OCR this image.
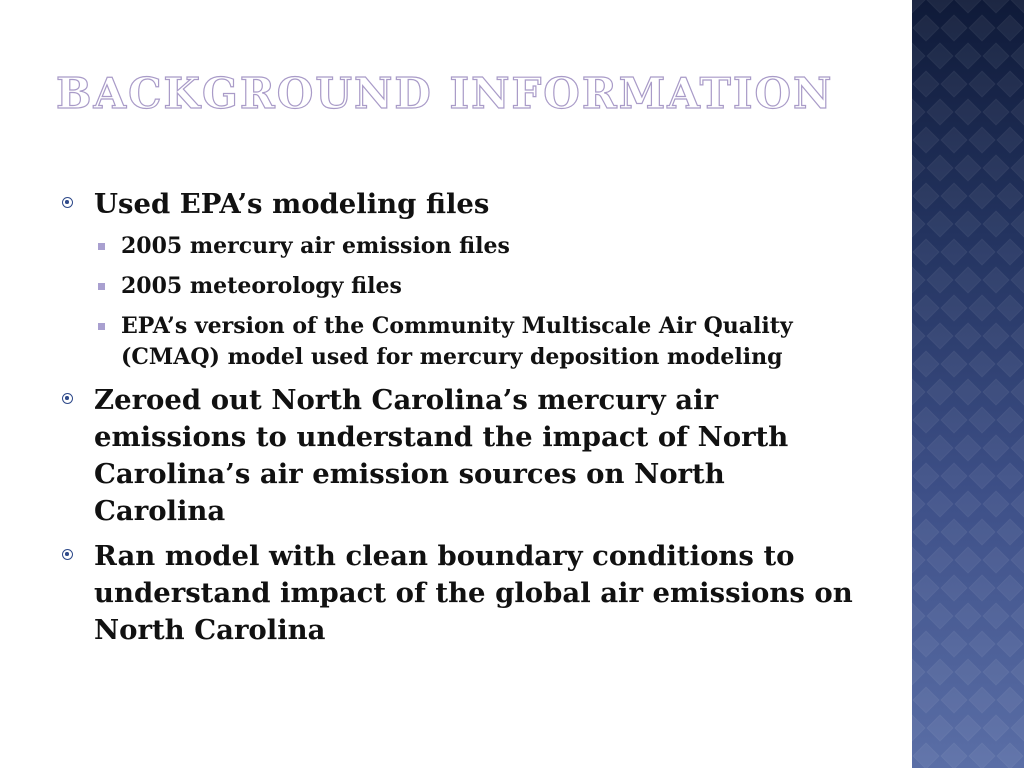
BACKGROUND INFORMATION
Used EPA’s modeling files
2005 mercury air emission files
2005 meteorology files
EPA’s version of the Community Multiscale Air Quality (CMAQ) model used for mercury deposition modeling
Zeroed out North Carolina’s mercury air emissions to understand the impact of North Carolina’s air emission sources on North Carolina
Ran model with clean boundary conditions to understand impact of the global air emissions on North Carolina
